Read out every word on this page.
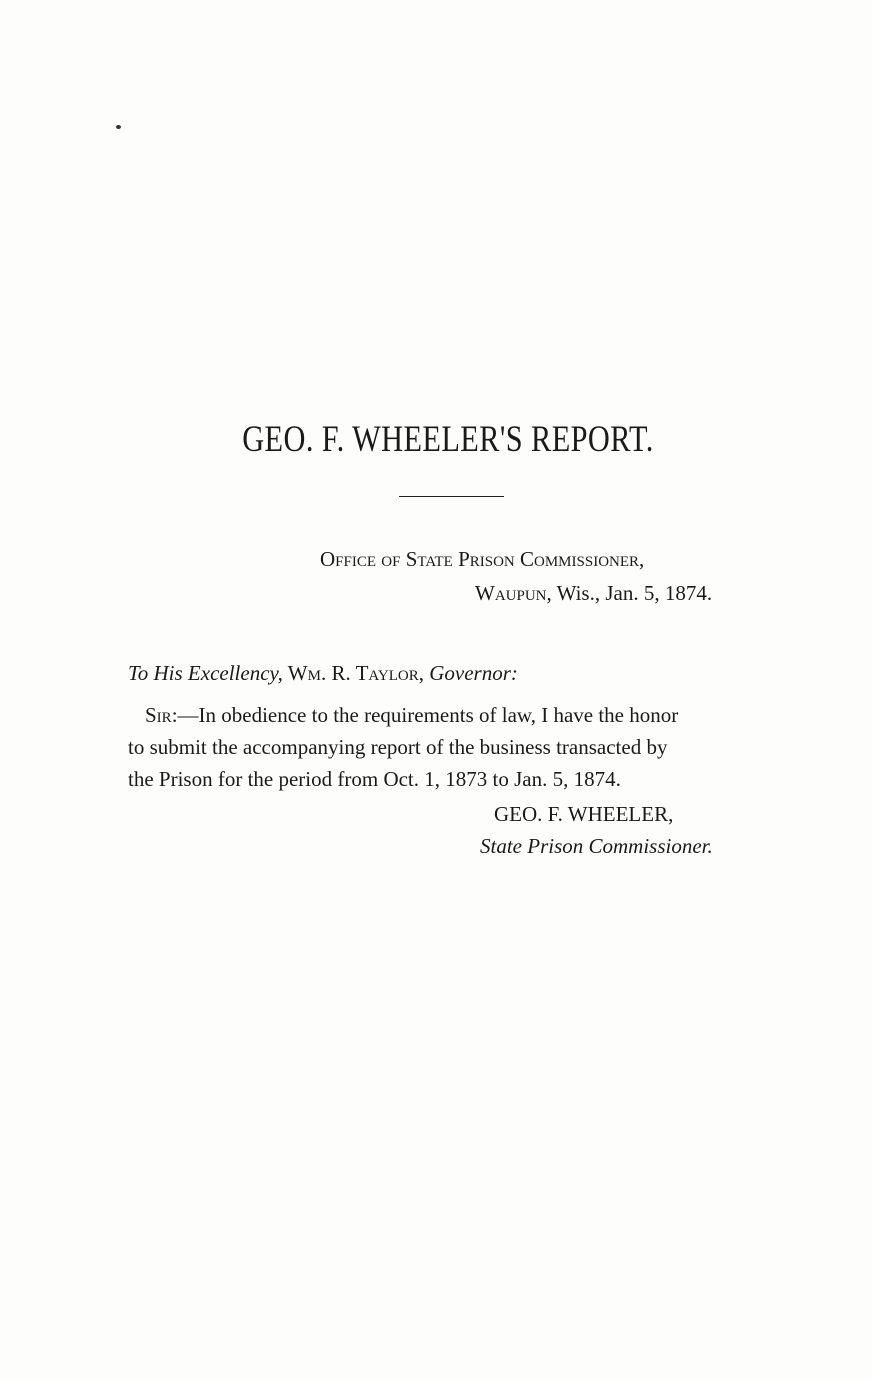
GEO. F. WHEELER'S REPORT.
Office of State Prison Commissioner,
Waupun, Wis., Jan. 5, 1874.
To His Excellency, Wm. R. Taylor, Governor:
Sir:—In obedience to the requirements of law, I have the honor
to submit the accompanying report of the business transacted by
the Prison for the period from Oct. 1, 1873 to Jan. 5, 1874.
GEO. F. WHEELER,
State Prison Commissioner.
